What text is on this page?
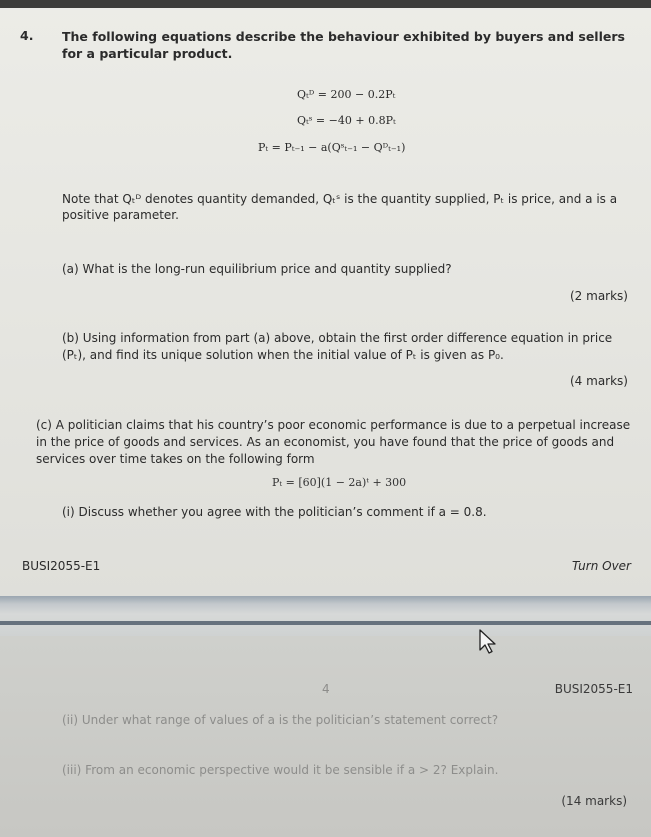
4. The following equations describe the behaviour exhibited by buyers and sellers for a particular product.
Qₜᴰ = 200 − 0.2Pₜ
Qₜˢ = −40 + 0.8Pₜ
Pₜ = Pₜ₋₁ − a(Qˢₜ₋₁ − Qᴰₜ₋₁)
Note that Qₜᴰ denotes quantity demanded, Qₜˢ is the quantity supplied, Pₜ is price, and a is a positive parameter.
(a) What is the long-run equilibrium price and quantity supplied?
(2 marks)
(b) Using information from part (a) above, obtain the first order difference equation in price (Pₜ), and find its unique solution when the initial value of Pₜ is given as P₀.
(4 marks)
(c) A politician claims that his country’s poor economic performance is due to a perpetual increase in the price of goods and services. As an economist, you have found that the price of goods and services over time takes on the following form
Pₜ = [60](1 − 2a)ᵗ + 300
(i) Discuss whether you agree with the politician’s comment if a = 0.8.
BUSI2055-E1	Turn Over
4	BUSI2055-E1
(ii) Under what range of values of a is the politician’s statement correct?
(iii) From an economic perspective would it be sensible if a > 2? Explain.
(14 marks)
